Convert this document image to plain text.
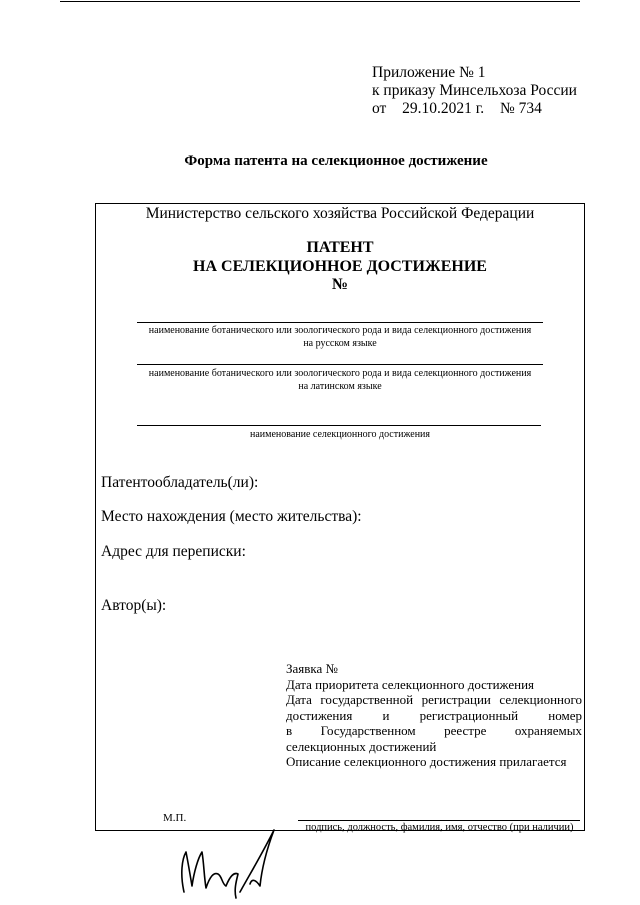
Приложение № 1
к приказу Минсельхоза России
от 29.10.2021 г. № 734
Форма патента на селекционное достижение
Министерство сельского хозяйства Российской Федерации
ПАТЕНТ
НА СЕЛЕКЦИОННОЕ ДОСТИЖЕНИЕ
№
наименование ботанического или зоологического рода и вида селекционного достижения
на русском языке
наименование ботанического или зоологического рода и вида селекционного достижения
на латинском языке
наименование селекционного достижения
Патентообладатель(ли):
Место нахождения (место жительства):
Адрес для переписки:
Автор(ы):
Заявка №
Дата приоритета селекционного достижения
Дата государственной регистрации селекционного
достижения и регистрационный номер
в Государственном реестре охраняемых
селекционных достижений
Описание селекционного достижения прилагается
М.П.
подпись, должность, фамилия, имя, отчество (при наличии)
